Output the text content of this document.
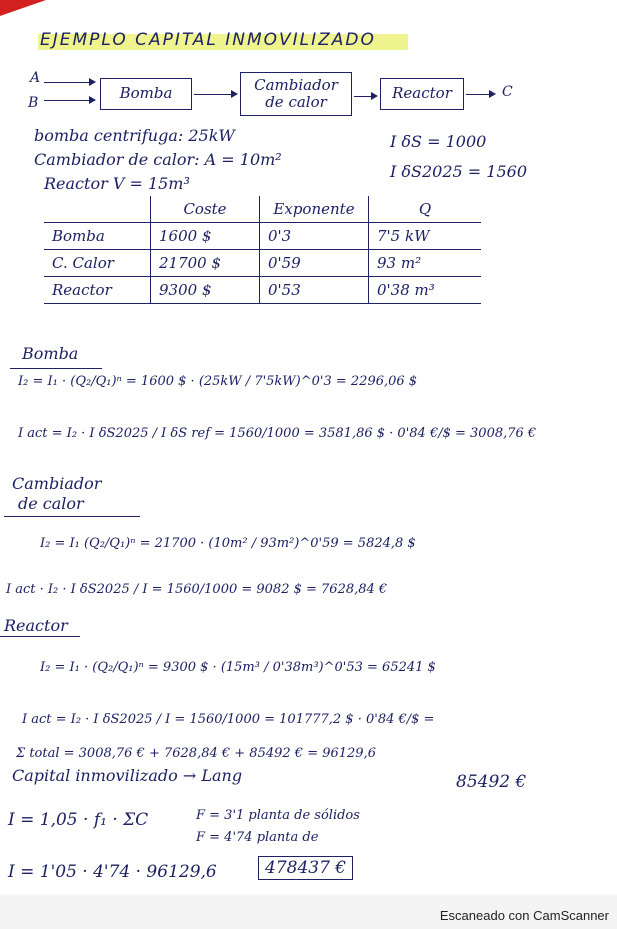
EJEMPLO CAPITAL INMOVILIZADO
A
B
Bomba	Cambiador
de calor	Reactor	C
bomba centrifuga: 25kW
Cambiador de calor: A = 10m²
Reactor V = 15m³
I δS = 1000
I δS2025 = 1560
	Coste	Exponente	Q
Bomba	1600 $	0'3	7'5 kW
C. Calor	21700 $	0'59	93 m²
Reactor	9300 $	0'53	0'38 m³
Bomba
I₂ = I₁ · (Q₂/Q₁)ⁿ = 1600 $ · (25kW / 7'5kW)^0'3 = 2296,06 $
I act = I₂ · I δS2025 / I δS ref = 1560/1000 = 3581,86 $ · 0'84 €/$ = 3008,76 €
Cambiador
de calor
I₂ = I₁ (Q₂/Q₁)ⁿ = 21700 · (10m² / 93m²)^0'59 = 5824,8 $
I act · I₂ · I δS2025 / I = 1560/1000 = 9082 $ = 7628,84 €
Reactor
I₂ = I₁ · (Q₂/Q₁)ⁿ = 9300 $ · (15m³ / 0'38m³)^0'53 = 65241 $
I act = I₂ · I δS2025 / I = 1560/1000 = 101777,2 $ · 0'84 €/$ =
85492 €
Σ total = 3008,76 € + 7628,84 € + 85492 € = 96129,6
Capital inmovilizado → Lang
I = 1,05 · f₁ · ΣC	F = 3'1 planta de sólidos
F = 4'74 planta de
I = 1'05 · 4'74 · 96129,6	478437 €
Escaneado con CamScanner
